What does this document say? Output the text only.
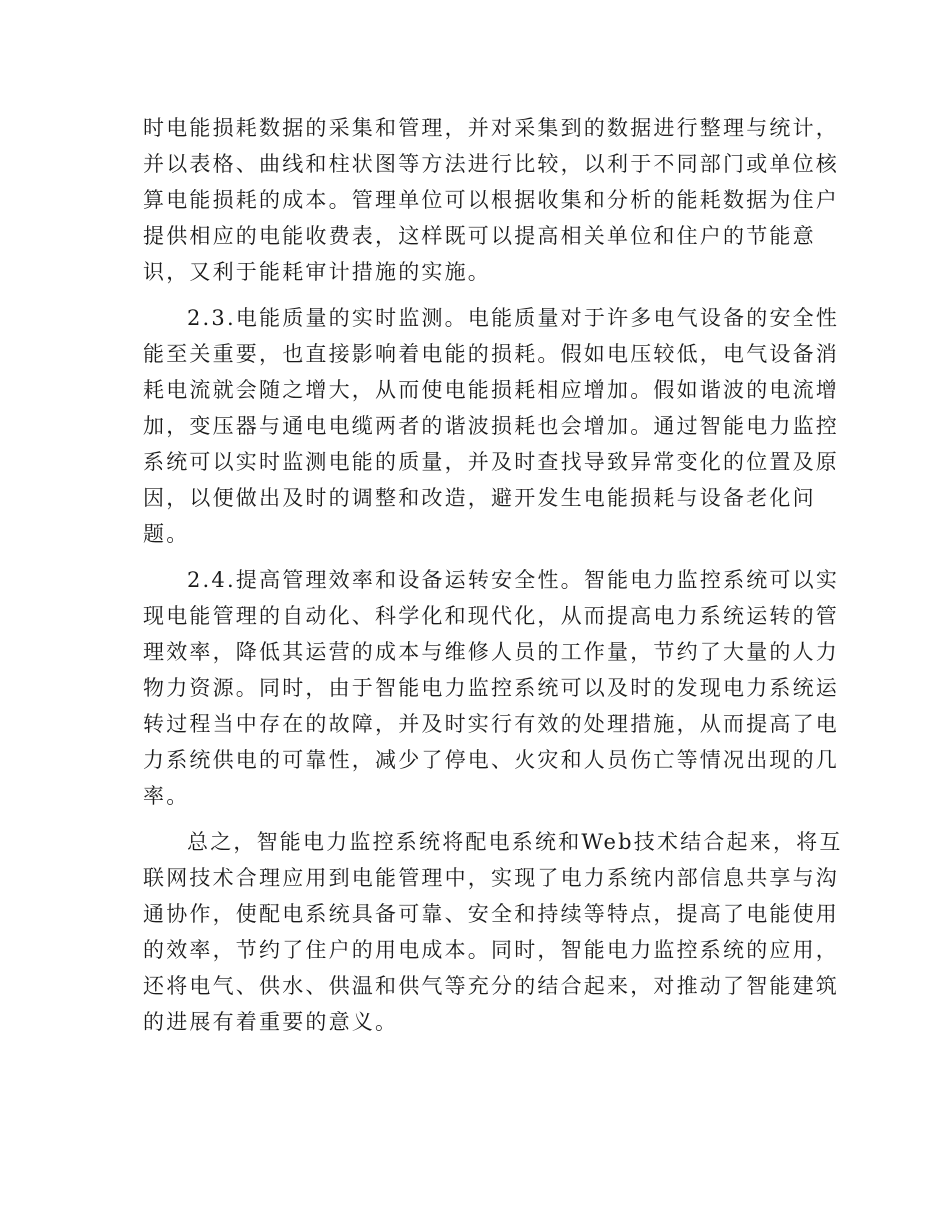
时电能损耗数据的采集和管理，并对采集到的数据进行整理与统计，
并以表格、曲线和柱状图等方法进行比较，以利于不同部门或单位核
算电能损耗的成本。管理单位可以根据收集和分析的能耗数据为住户
提供相应的电能收费表，这样既可以提高相关单位和住户的节能意
识，又利于能耗审计措施的实施。

2.3.电能质量的实时监测。电能质量对于许多电气设备的安全性
能至关重要，也直接影响着电能的损耗。假如电压较低，电气设备消
耗电流就会随之增大，从而使电能损耗相应增加。假如谐波的电流增
加，变压器与通电电缆两者的谐波损耗也会增加。通过智能电力监控
系统可以实时监测电能的质量，并及时查找导致异常变化的位置及原
因，以便做出及时的调整和改造，避开发生电能损耗与设备老化问
题。

2.4.提高管理效率和设备运转安全性。智能电力监控系统可以实
现电能管理的自动化、科学化和现代化，从而提高电力系统运转的管
理效率，降低其运营的成本与维修人员的工作量，节约了大量的人力
物力资源。同时，由于智能电力监控系统可以及时的发现电力系统运
转过程当中存在的故障，并及时实行有效的处理措施，从而提高了电
力系统供电的可靠性，减少了停电、火灾和人员伤亡等情况出现的几
率。

总之，智能电力监控系统将配电系统和Web技术结合起来，将互
联网技术合理应用到电能管理中，实现了电力系统内部信息共享与沟
通协作，使配电系统具备可靠、安全和持续等特点，提高了电能使用
的效率，节约了住户的用电成本。同时，智能电力监控系统的应用，
还将电气、供水、供温和供气等充分的结合起来，对推动了智能建筑
的进展有着重要的意义。
